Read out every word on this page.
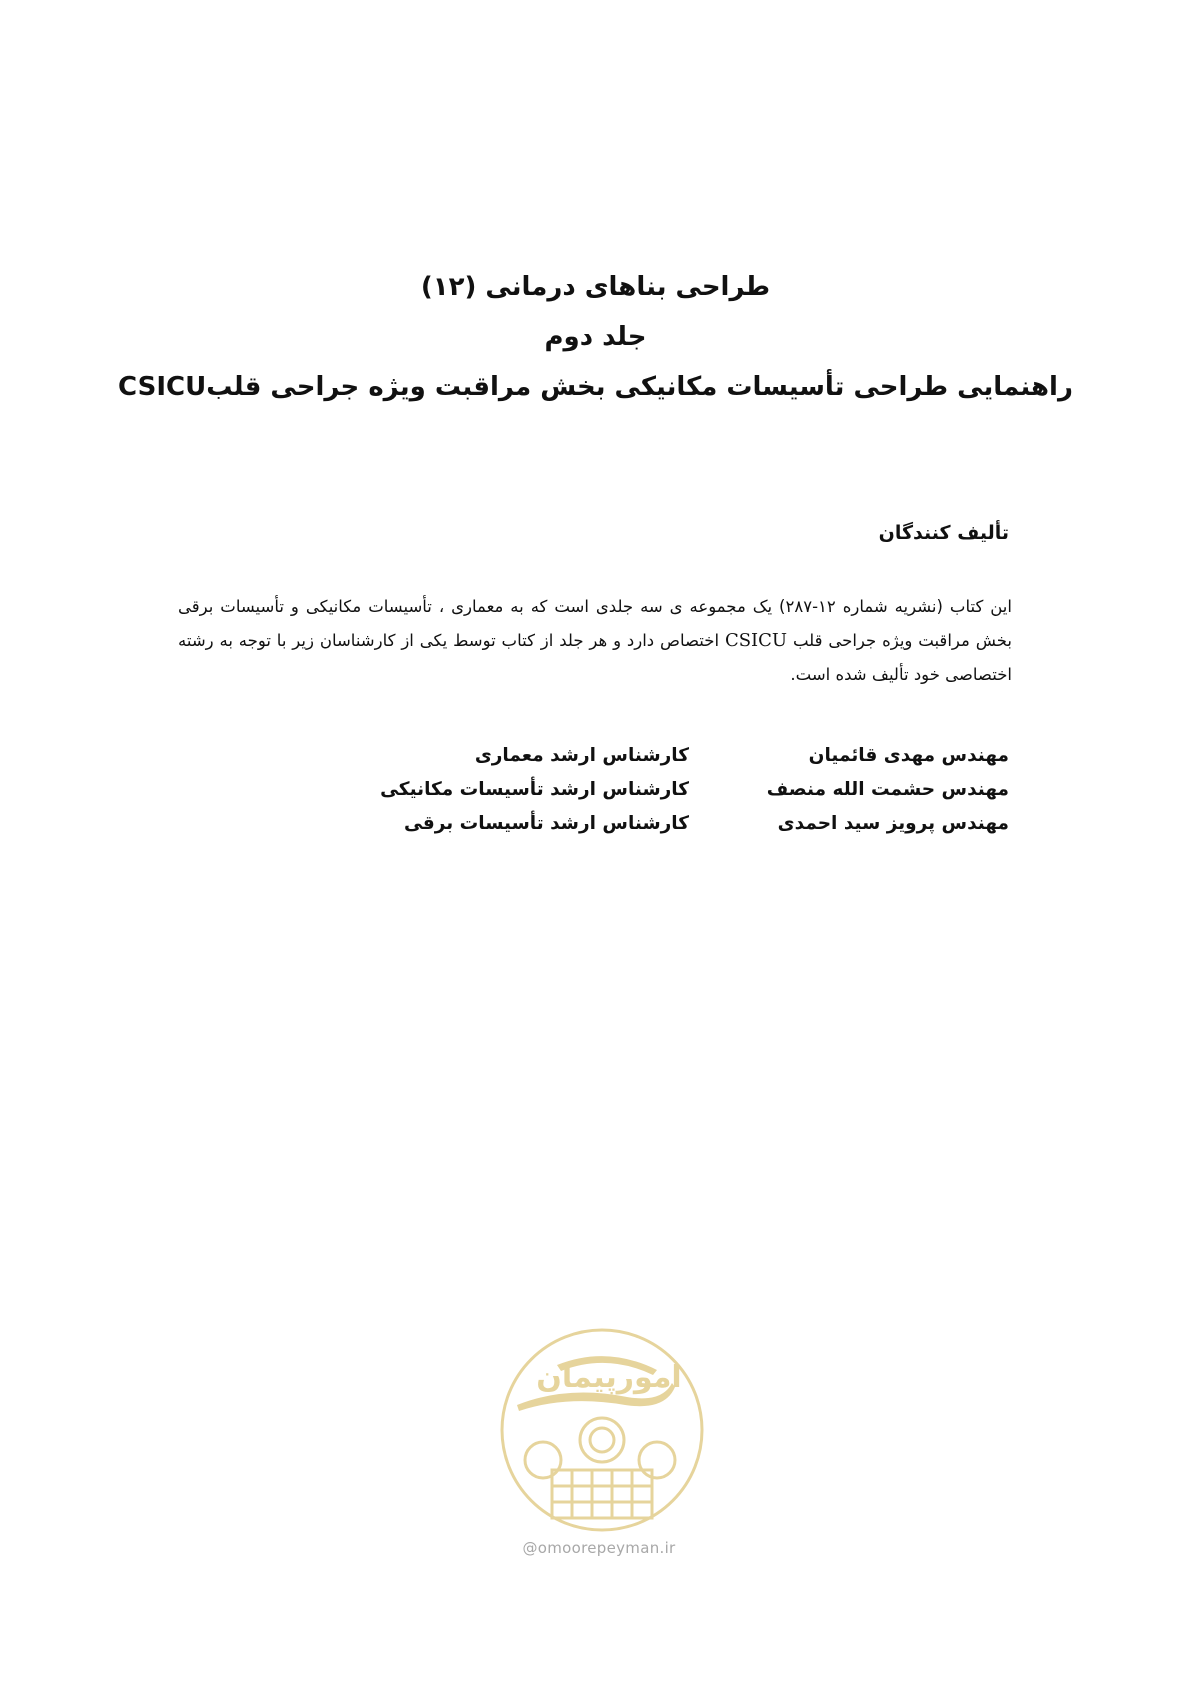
طراحی بناهای درمانی (۱۲)
جلد دوم
راهنمایی طراحی تأسیسات مکانیکی بخش مراقبت ویژه جراحی قلبCSICU
تألیف کنندگان

این کتاب (نشریه شماره ۱۲-۲۸۷) یک مجموعه ی سه جلدی است که به معماری ، تأسیسات مکانیکی و تأسیسات برقی بخش مراقبت ویژه جراحی قلب CSICU اختصاص دارد و هر جلد از کتاب توسط یکی از کارشناسان زیر با توجه به رشته اختصاصی خود تألیف شده است.

مهندس مهدی قائمیان
کارشناس ارشد معماری
مهندس حشمت الله منصف
کارشناس ارشد تأسیسات مکانیکی
مهندس پرویز سید احمدی
کارشناس ارشد تأسیسات برقی
امورپیمان
@omoorepeyman.ir
